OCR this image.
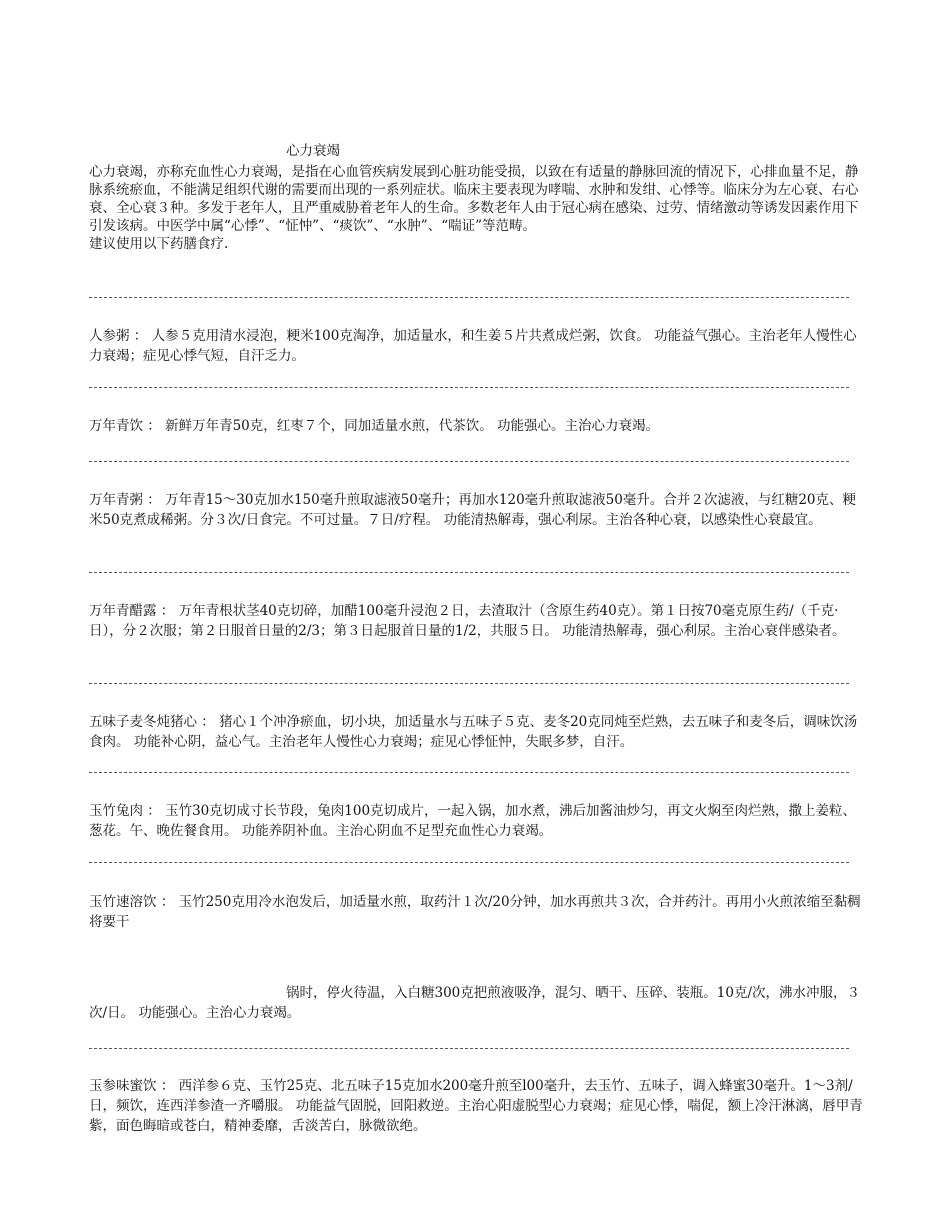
心力衰竭

心力衰竭，亦称充血性心力衰竭，是指在心血管疾病发展到心脏功能受损，以致在有适量的静脉回流的情况下，心排血量不足，静脉系统瘀血，不能满足组织代谢的需要而出现的一系列症状。临床主要表现为哮喘、水肿和发绀、心悸等。临床分为左心衰、右心衰、全心衰３种。多发于老年人，且严重威胁着老年人的生命。多数老年人由于冠心病在感染、过劳、情绪激动等诱发因素作用下引发该病。中医学中属“心悸”、“怔忡”、“痰饮”、“水肿”、“喘证”等范畴。

建议使用以下药膳食疗.

人参粥 ： 人参５克用清水浸泡，粳米100克淘净，加适量水，和生姜５片共煮成烂粥，饮食。 功能益气强心。主治老年人慢性心力衰竭；症见心悸气短，自汗乏力。
万年青饮 ： 新鲜万年青50克，红枣７个，同加适量水煎，代茶饮。 功能强心。主治心力衰竭。
万年青粥 ： 万年青15～30克加水150毫升煎取滤液50毫升；再加水120毫升煎取滤液50毫升。合并２次滤液，与红糖20克、粳米50克煮成稀粥。分３次/日食完。不可过量。７日/疗程。 功能清热解毒，强心利尿。主治各种心衰，以感染性心衰最宜。
万年青醋露 ： 万年青根状茎40克切碎，加醋100毫升浸泡２日，去渣取汁（含原生药40克）。第１日按70毫克原生药/（千克·日），分２次服；第２日服首日量的2/3；第３日起服首日量的1/2，共服５日。 功能清热解毒，强心利尿。主治心衰伴感染者。
五味子麦冬炖猪心 ： 猪心１个冲净瘀血，切小块，加适量水与五味子５克、麦冬20克同炖至烂熟，去五味子和麦冬后，调味饮汤食肉。 功能补心阴，益心气。主治老年人慢性心力衰竭；症见心悸怔忡，失眠多梦，自汗。
玉竹兔肉 ： 玉竹30克切成寸长节段，兔肉100克切成片，一起入锅，加水煮，沸后加酱油炒匀，再文火焖至肉烂熟，撒上姜粒、葱花。午、晚佐餐食用。 功能养阴补血。主治心阴血不足型充血性心力衰竭。
玉竹速溶饮 ： 玉竹250克用冷水泡发后，加适量水煎，取药汁１次/20分钟，加水再煎共３次，合并药汁。再用小火煎浓缩至黏稠将要干
锅时，停火待温，入白糖300克把煎液吸净，混匀、晒干、压碎、装瓶。10克/次，沸水冲服，３次/日。 功能强心。主治心力衰竭。
玉参味蜜饮 ： 西洋参６克、玉竹25克、北五味子15克加水200毫升煎至l00毫升，去玉竹、五味子，调入蜂蜜30毫升。1～3剂/日，频饮，连西洋参渣一齐嚼服。 功能益气固脱，回阳救逆。主治心阳虚脱型心力衰竭；症见心悸，喘促，额上冷汗淋漓，唇甲青紫，面色晦暗或苍白，精神委靡，舌淡苦白，脉微欲绝。
